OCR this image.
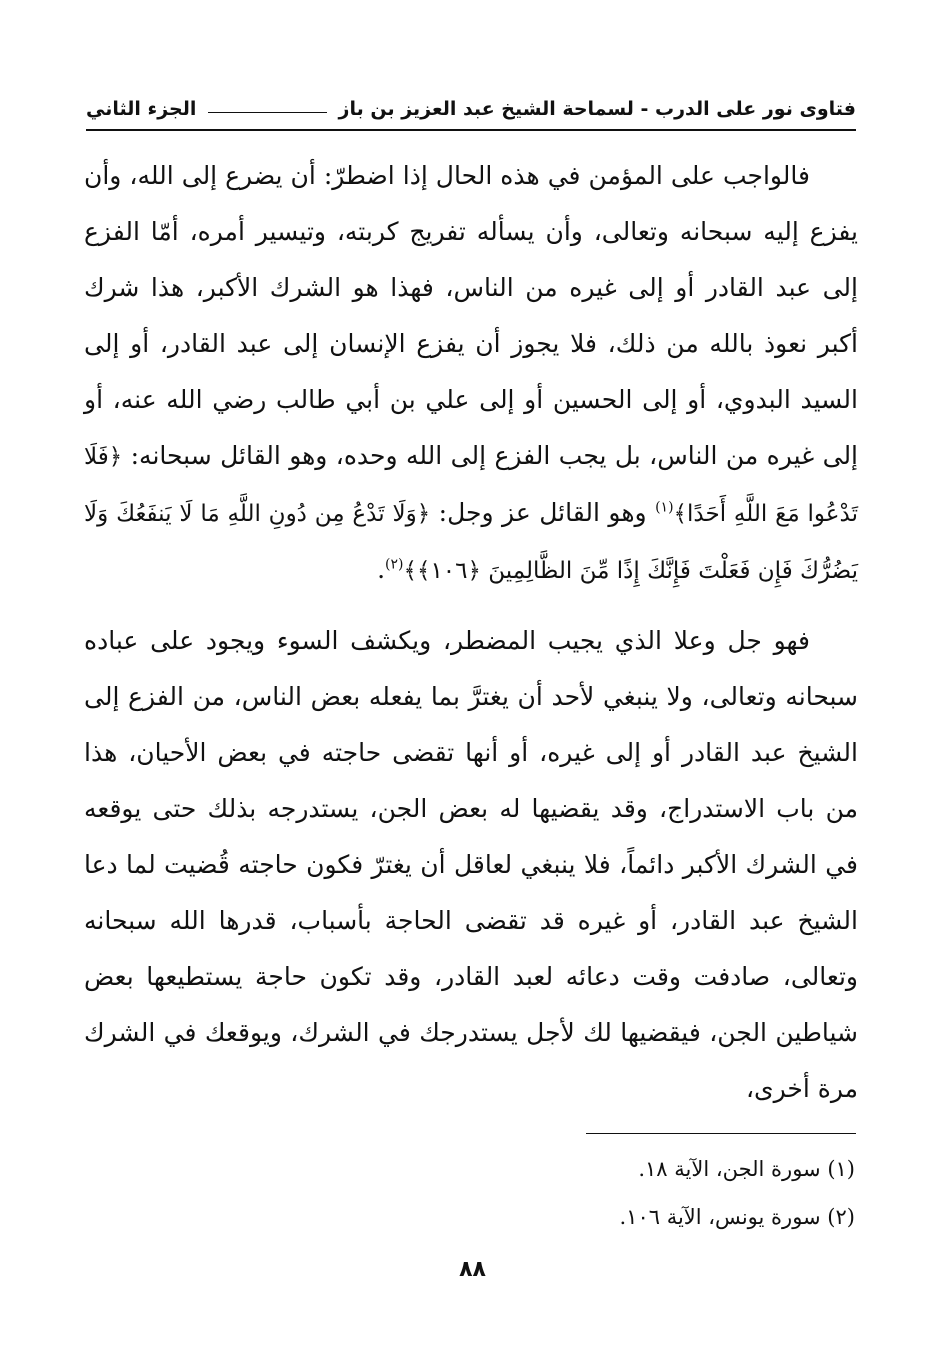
فتاوى نور على الدرب - لسماحة الشيخ عبد العزيز بن باز
الجزء الثاني

فالواجب على المؤمن في هذه الحال إذا اضطرّ: أن يضرع إلى الله، وأن يفزع إليه سبحانه وتعالى، وأن يسأله تفريج كربته، وتيسير أمره، أمّا الفزع إلى عبد القادر أو إلى غيره من الناس، فهذا هو الشرك الأكبر، هذا شرك أكبر نعوذ بالله من ذلك، فلا يجوز أن يفزع الإنسان إلى عبد القادر، أو إلى السيد البدوي، أو إلى الحسين أو إلى علي بن أبي طالب رضي الله عنه، أو إلى غيره من الناس، بل يجب الفزع إلى الله وحده، وهو القائل سبحانه: ﴿فَلَا تَدْعُوا مَعَ اللَّهِ أَحَدًا﴾$^{(١)}$ وهو القائل عز وجل: ﴿وَلَا تَدْعُ مِن دُونِ اللَّهِ مَا لَا يَنفَعُكَ وَلَا يَضُرُّكَ فَإِن فَعَلْتَ فَإِنَّكَ إِذًا مِّنَ الظَّالِمِينَ ﴿١٠٦﴾﴾$^{(٢)}$.

فهو جل وعلا الذي يجيب المضطر، ويكشف السوء ويجود على عباده سبحانه وتعالى، ولا ينبغي لأحد أن يغترَّ بما يفعله بعض الناس، من الفزع إلى الشيخ عبد القادر أو إلى غيره، أو أنها تقضى حاجته في بعض الأحيان، هذا من باب الاستدراج، وقد يقضيها له بعض الجن، يستدرجه بذلك حتى يوقعه في الشرك الأكبر دائماً، فلا ينبغي لعاقل أن يغترّ فكون حاجته قُضيت لما دعا الشيخ عبد القادر، أو غيره قد تقضى الحاجة بأسباب، قدرها الله سبحانه وتعالى، صادفت وقت دعائه لعبد القادر، وقد تكون حاجة يستطيعها بعض شياطين الجن، فيقضيها لك لأجل يستدرجك في الشرك، ويوقعك في الشرك مرة أخرى،

(١) سورة الجن، الآية ١٨.

(٢) سورة يونس، الآية ١٠٦.

٨٨
